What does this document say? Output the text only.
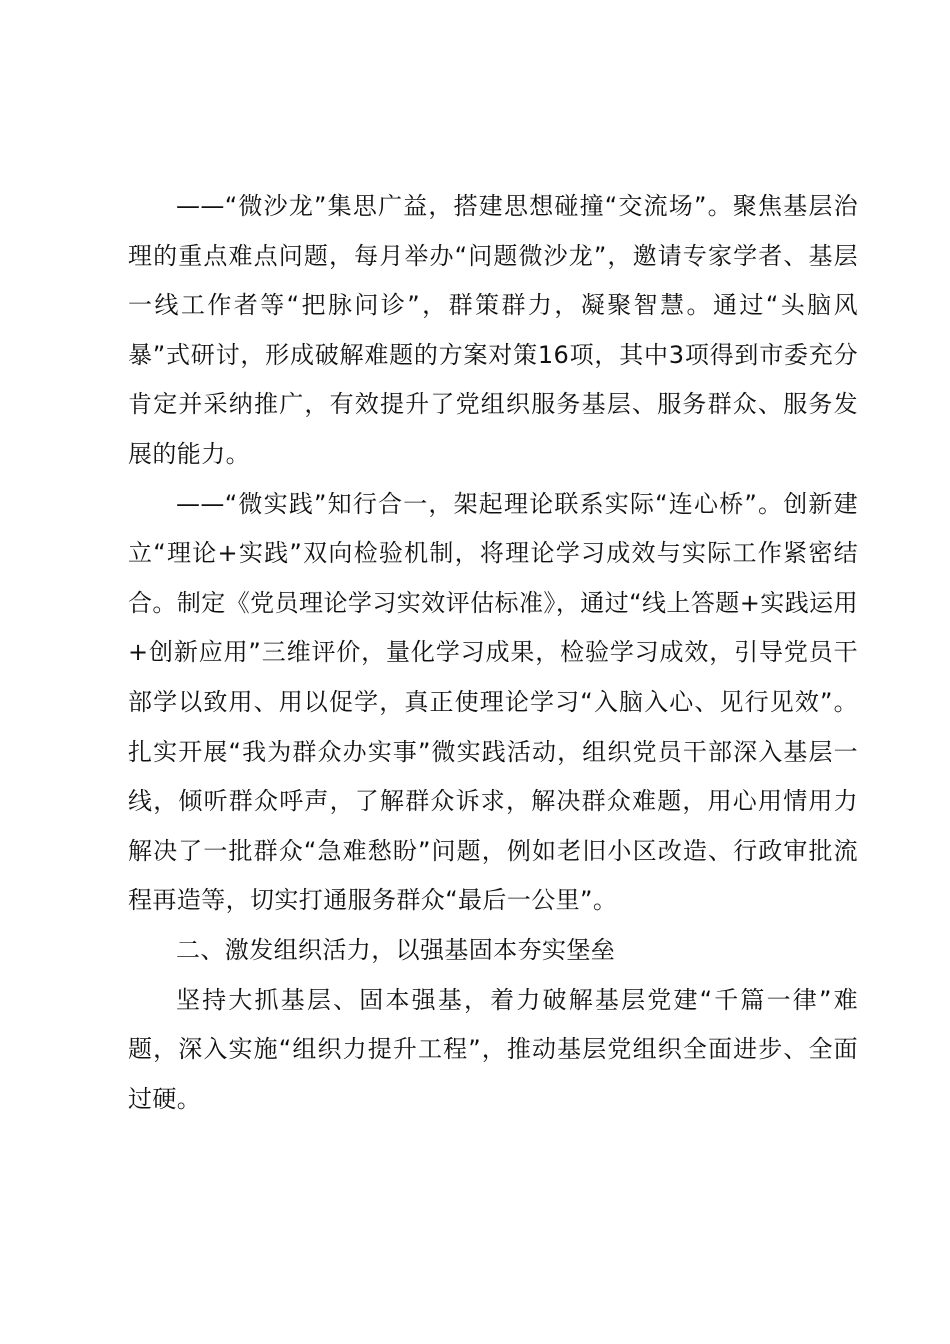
——“微沙龙”集思广益，搭建思想碰撞“交流场”。聚焦基层治理的重点难点问题，每月举办“问题微沙龙”，邀请专家学者、基层一线工作者等“把脉问诊”，群策群力，凝聚智慧。通过“头脑风暴”式研讨，形成破解难题的方案对策16项，其中3项得到市委充分肯定并采纳推广，有效提升了党组织服务基层、服务群众、服务发展的能力。

——“微实践”知行合一，架起理论联系实际“连心桥”。创新建立“理论+实践”双向检验机制，将理论学习成效与实际工作紧密结合。制定《党员理论学习实效评估标准》，通过“线上答题+实践运用+创新应用”三维评价，量化学习成果，检验学习成效，引导党员干部学以致用、用以促学，真正使理论学习“入脑入心、见行见效”。扎实开展“我为群众办实事”微实践活动，组织党员干部深入基层一线，倾听群众呼声，了解群众诉求，解决群众难题，用心用情用力解决了一批群众“急难愁盼”问题，例如老旧小区改造、行政审批流程再造等，切实打通服务群众“最后一公里”。

二、激发组织活力，以强基固本夯实堡垒

坚持大抓基层、固本强基，着力破解基层党建“千篇一律”难题，深入实施“组织力提升工程”，推动基层党组织全面进步、全面过硬。
